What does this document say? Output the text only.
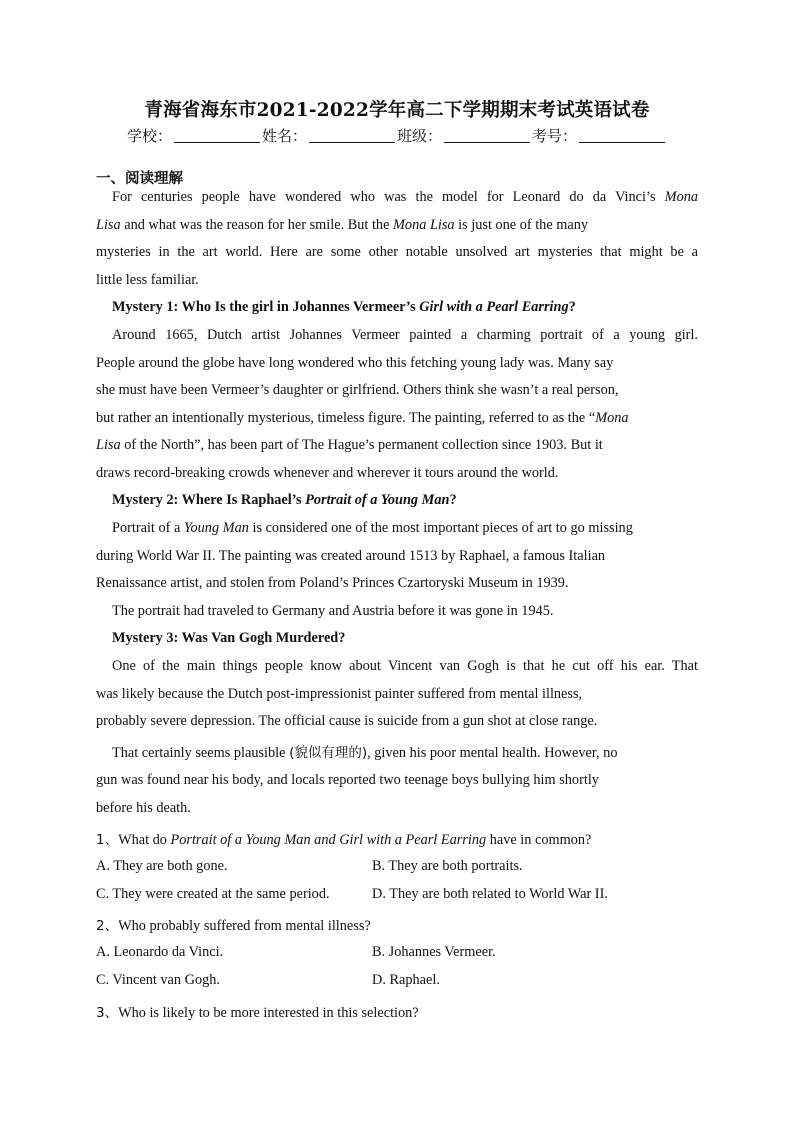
青海省海东市2021-2022学年高二下学期期末考试英语试卷
学校：	姓名：	班级：	考号：
一、阅读理解
For centuries people have wondered who was the model for Leonard do da Vinci’s Mona
Lisa and what was the reason for her smile. But the Mona Lisa is just one of the many
mysteries in the art world. Here are some other notable unsolved art mysteries that might be a
little less familiar.
Mystery 1: Who Is the girl in Johannes Vermeer’s Girl with a Pearl Earring?
Around 1665, Dutch artist Johannes Vermeer painted a charming portrait of a young girl.
People around the globe have long wondered who this fetching young lady was. Many say
she must have been Vermeer’s daughter or girlfriend. Others think she wasn’t a real person,
but rather an intentionally mysterious, timeless figure. The painting, referred to as the “Mona
Lisa of the North”, has been part of The Hague’s permanent collection since 1903. But it
draws record-breaking crowds whenever and wherever it tours around the world.
Mystery 2: Where Is Raphael’s Portrait of a Young Man?
Portrait of a Young Man is considered one of the most important pieces of art to go missing
during World War II. The painting was created around 1513 by Raphael, a famous Italian
Renaissance artist, and stolen from Poland’s Princes Czartoryski Museum in 1939.
The portrait had traveled to Germany and Austria before it was gone in 1945.
Mystery 3: Was Van Gogh Murdered?
One of the main things people know about Vincent van Gogh is that he cut off his ear. That
was likely because the Dutch post-impressionist painter suffered from mental illness,
probably severe depression. The official cause is suicide from a gun shot at close range.
That certainly seems plausible (貌似有理的), given his poor mental health. However, no
gun was found near his body, and locals reported two teenage boys bullying him shortly
before his death.
1、What do Portrait of a Young Man and Girl with a Pearl Earring have in common?
A. They are both gone.	B. They are both portraits.
C. They were created at the same period.	D. They are both related to World War II.
2、Who probably suffered from mental illness?
A. Leonardo da Vinci.	B. Johannes Vermeer.
C. Vincent van Gogh.	D. Raphael.
3、Who is likely to be more interested in this selection?
